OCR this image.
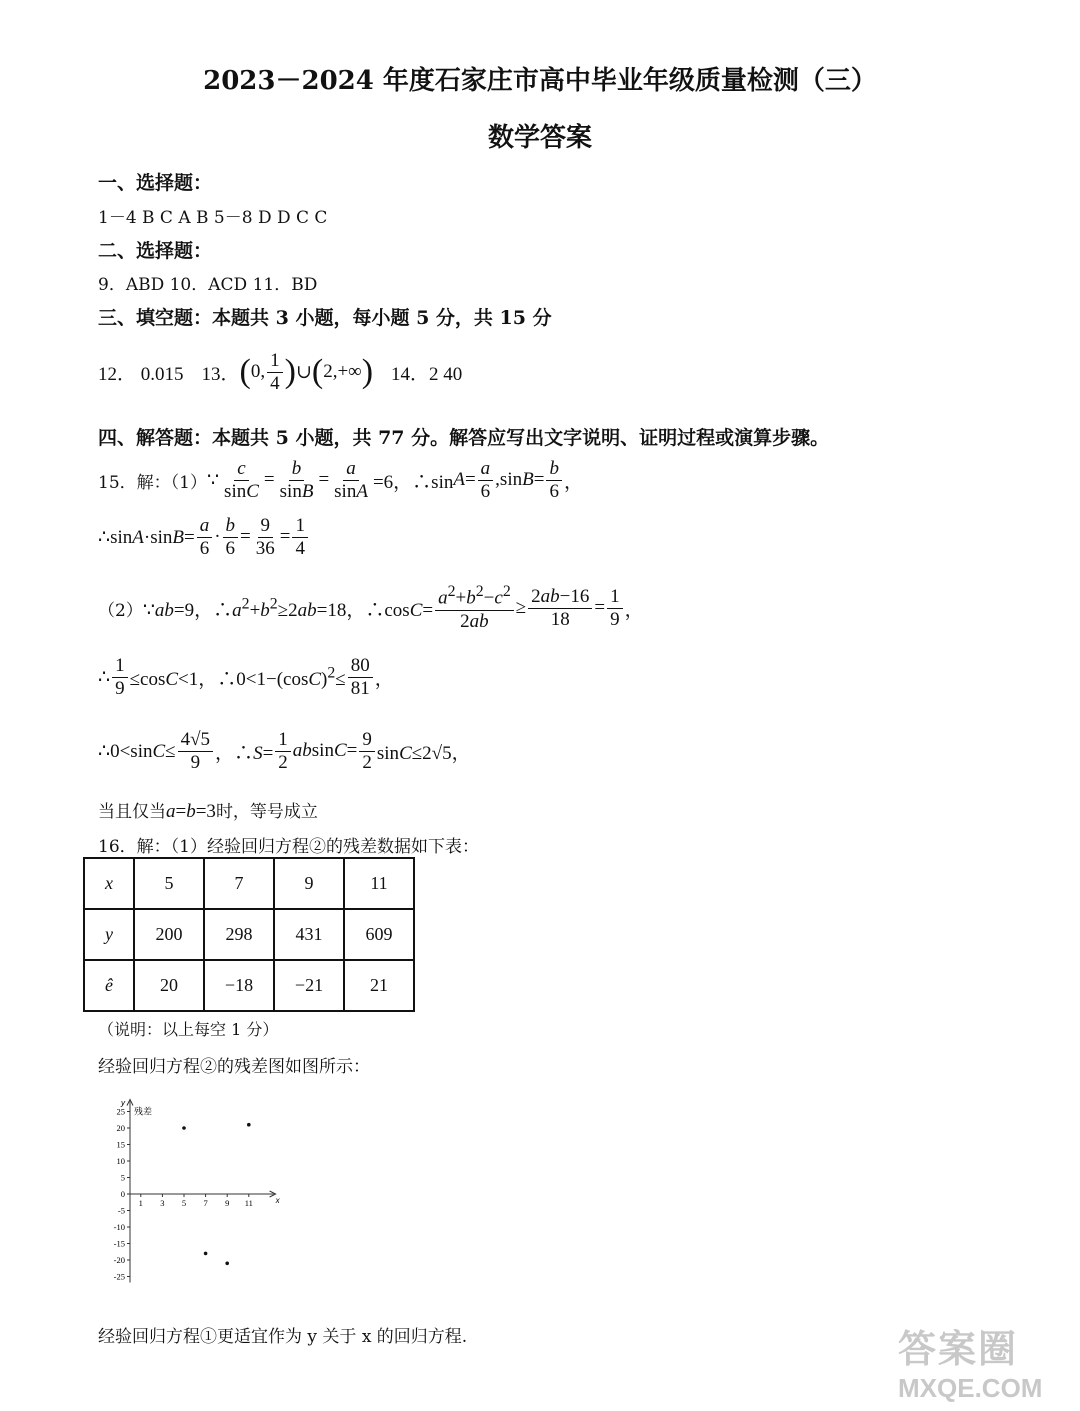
2023－2024 年度石家庄市高中毕业年级质量检测（三）
数学答案
一、选择题：
1－4 B C A B 5－8 D D C C
二、选择题：
9．ABD 10．ACD 11．BD
三、填空题：本题共 3 小题，每小题 5 分，共 15 分
12． 0.015 13． ( 0, $\frac{1}{4}$ ) ∪ ( 2,+∞ ) 14．2 40
四、解答题：本题共 5 小题，共 77 分。解答应写出文字说明、证明过程或演算步骤。
15．解：（1） ∵ $\frac{c}{\sin C} = \frac{b}{\sin B} = \frac{a}{\sin A} =6$，∴sin $A = \frac{a}{6} ,\sin$ $B = \frac{b}{6}$ ，
∴sinA·sinB= $\frac{a}{6} \cdot \frac{b}{6} = \frac{9}{36} = \frac{1}{4}$
（2） ∵ab=9，$\therefore a^2+b^2\ge 2ab=18$，∴cosC= $\frac{a^2+b^2-c^2}{2ab} \ge \frac{2ab-16}{18} = \frac{1}{9}$ ，
∴ $\frac{1}{9} \le\cos C<1$，$\therefore 0<1-(\cos C)^2\le \frac{80}{81}$ ，
∴0<sinC≤ $\frac{4√5}{9}$ ，∴S= $\frac{1}{2} absinC= \frac{9}{2} \sin C\le 2√5$，
当且仅当a=b=3时，等号成立
16．解：（1）经验回归方程②的残差数据如下表：
x	5	7	9	11
y	200	298	431	609
ê	20	−18	−21	21
（说明：以上每空 1 分）
经验回归方程②的残差图如图所示：
y
x
残差
25
20
15
10
5
0
-5
-10
-15
-20
-25
1 3 5 7 9 11
经验回归方程①更适宜作为 y 关于 x 的回归方程.	答案圈
MXQE.COM
